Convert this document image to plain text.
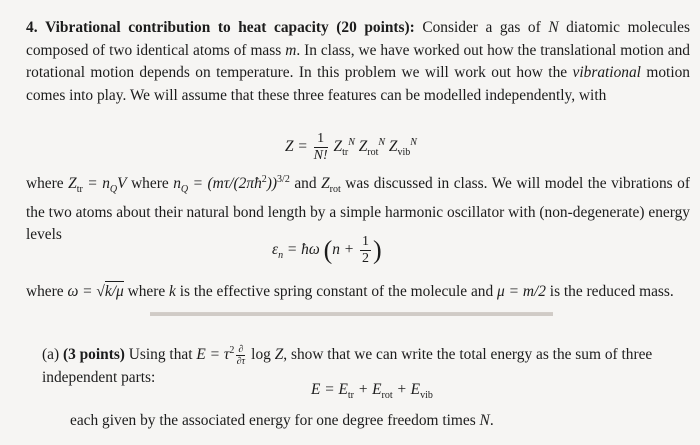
4. Vibrational contribution to heat capacity (20 points): Consider a gas of N diatomic molecules composed of two identical atoms of mass m. In class, we have worked out how the translational motion and rotational motion depends on temperature. In this problem we will work out how the vibrational motion comes into play. We will assume that these three features can be modelled independently, with
$Z = \frac{1}{N!} Z_{tr}^N$ $Z_{rot}^N$ $Z_{vib}^N$
where $Z_{tr} = n_QV$ where $n_Q$ = $(m\tau/(2\pi ħ^2))^{3/2}$ and $Z_{rot}$ was discussed in class. We will model the vibrations of the two atoms about their natural bond length by a simple harmonic oscillator with (non-degenerate) energy levels
$\varepsilon_n$ = ħω ($n + \frac{1}{2}$ )
where ω = √k/μ where k is the effective spring constant of the molecule and μ = m/2 is the reduced mass.
(a) (3 points) Using that $E = \tau^2 \frac{\partial}{\partial\tau}$ log Z, show that we can write the total energy as the sum of three independent parts:
$E = E_{tr} + E_{rot} + E_{vib}$
each given by the associated energy for one degree freedom times N.
▬▬▬▬▬▬▬▬▬▬▬▬▬▬▬▬▬▬▬▬▬▬▬▬▬▬▬▬▬▬▬
